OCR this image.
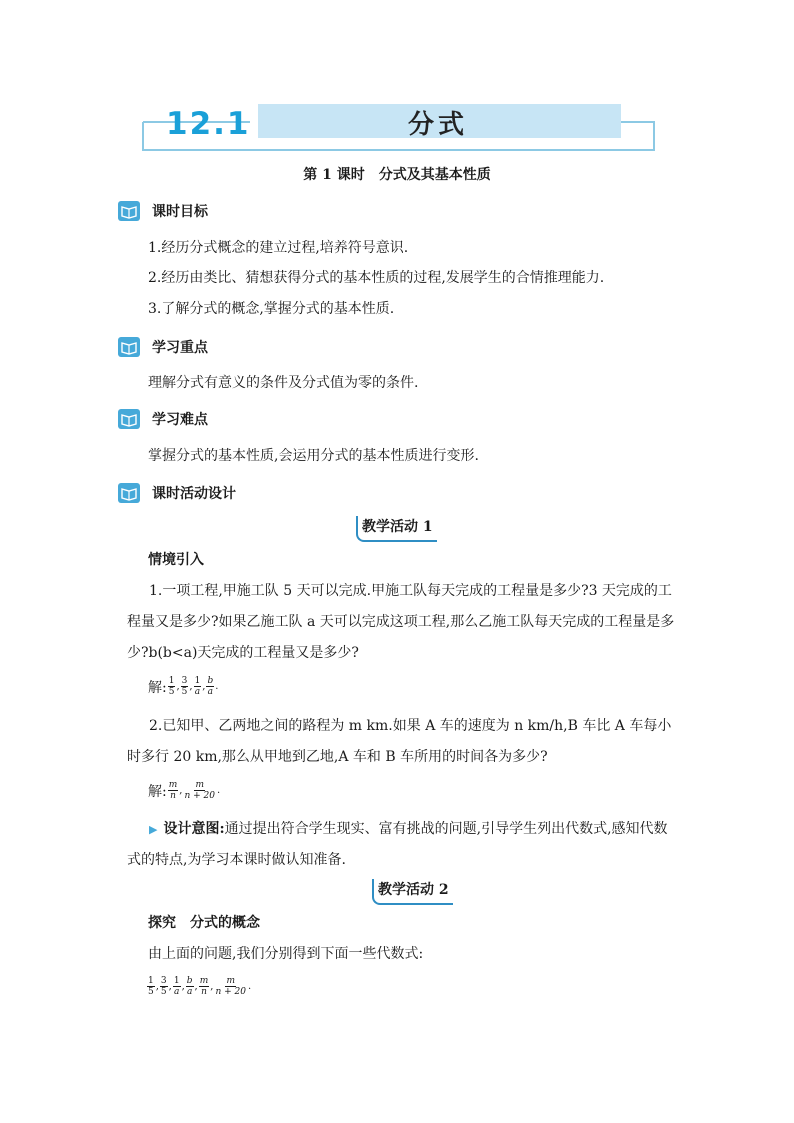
12.1	分式
第 1 课时　分式及其基本性质
课时目标
1.经历分式概念的建立过程,培养符号意识.
2.经历由类比、猜想获得分式的基本性质的过程,发展学生的合情推理能力.
3.了解分式的概念,掌握分式的基本性质.
学习重点
理解分式有意义的条件及分式值为零的条件.
学习难点
掌握分式的基本性质,会运用分式的基本性质进行变形.
课时活动设计
教学活动 1
情境引入
1.一项工程,甲施工队 5 天可以完成.甲施工队每天完成的工程量是多少?3 天完成的工程量又是多少?如果乙施工队 a 天可以完成这项工程,那么乙施工队每天完成的工程量是多少?b(b<a)天完成的工程量又是多少?
解: $\frac{1}{5}$ , $\frac{3}{5}$ , $\frac{1}{a}$ , $\frac{b}{a}$ .
2.已知甲、乙两地之间的路程为 m km.如果 A 车的速度为 n km/h,B 车比 A 车每小时多行 20 km,那么从甲地到乙地,A 车和 B 车所用的时间各为多少?
解: $\frac{m}{n}$ , $\frac{m}{n + 20}$ .
▶ 设计意图:通过提出符合学生现实、富有挑战的问题,引导学生列出代数式,感知代数式的特点,为学习本课时做认知准备.
教学活动 2
探究　分式的概念
由上面的问题,我们分别得到下面一些代数式:
$\frac{1}{5}$ , $\frac{3}{5}$ , $\frac{1}{a}$ , $\frac{b}{a}$ , $\frac{m}{n}$ , $\frac{m}{n + 20}$ .
